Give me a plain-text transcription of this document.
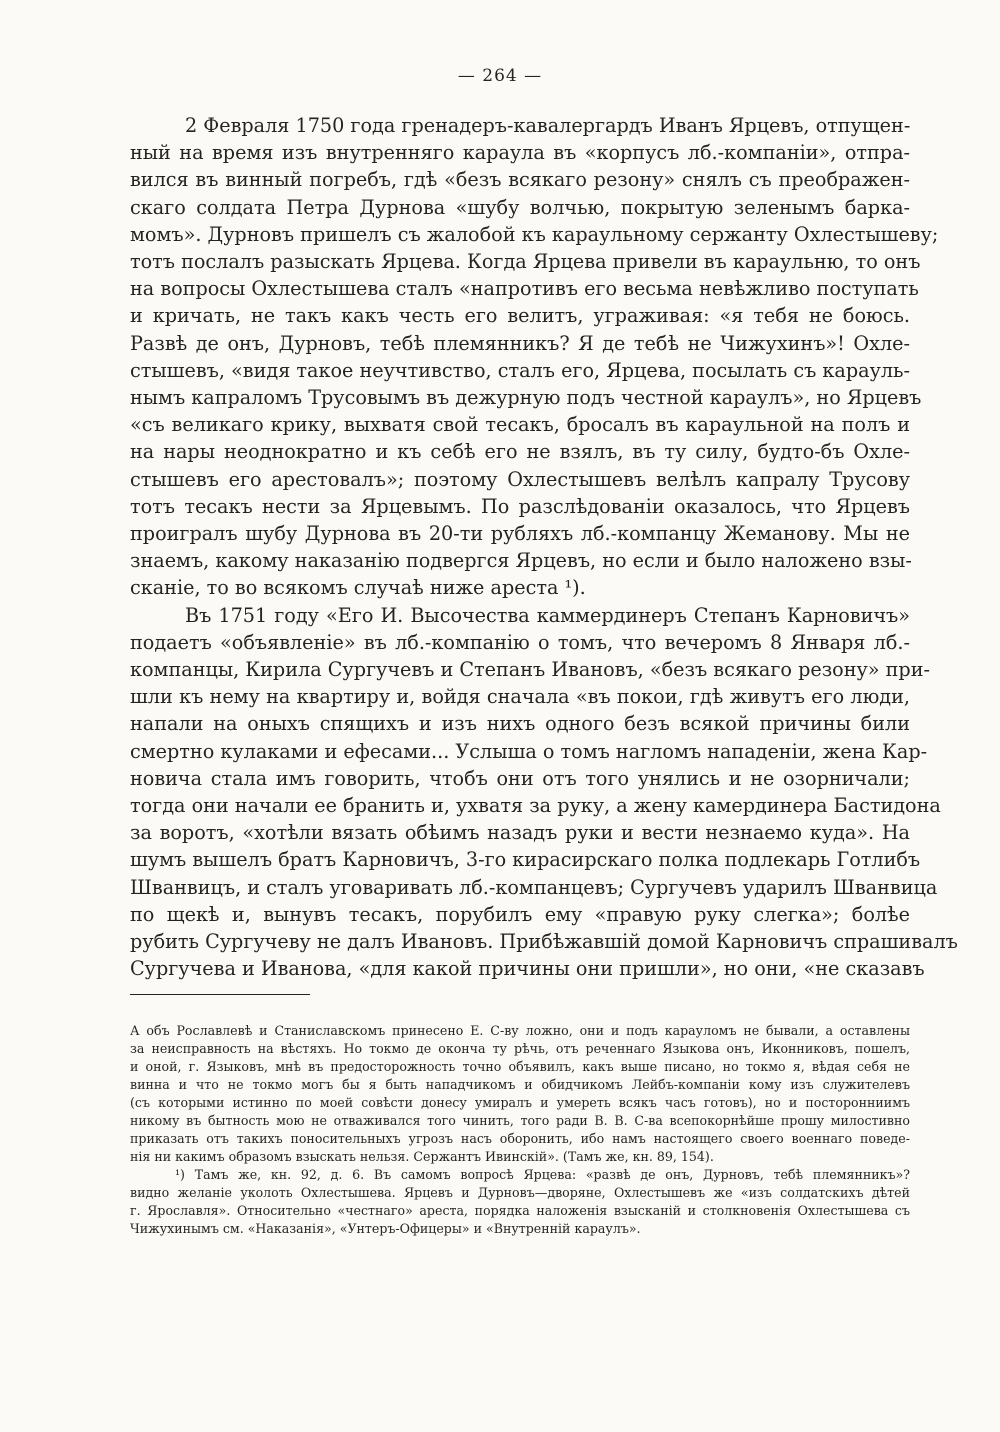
— 264 —
2 Февраля 1750 года гренадеръ-кавалергардъ Иванъ Ярцевъ, отпущен-
ный на время изъ внутренняго караула въ «корпусъ лб.-компаніи», отпра-
вился въ винный погребъ, гдѣ «безъ всякаго резону» снялъ съ преображен-
скаго солдата Петра Дурнова «шубу волчью, покрытую зеленымъ барка-
момъ». Дурновъ пришелъ съ жалобой къ караульному сержанту Охлестышеву;
тотъ послалъ разыскать Ярцева. Когда Ярцева привели въ караульню, то онъ
на вопросы Охлестышева сталъ «напротивъ его весьма невѣжливо поступать
и кричать, не такъ какъ честь его велитъ, угрaживая: «я тебя не боюсь.
Развѣ де онъ, Дурновъ, тебѣ племянникъ? Я де тебѣ не Чижухинъ»! Охле-
стышевъ, «видя такое неучтивство, сталъ его, Ярцева, посылать съ карауль-
нымъ капраломъ Трусовымъ въ дежурную подъ честной караулъ», но Ярцевъ
«съ великаго крику, выхватя свой тесакъ, бросалъ въ караульной на полъ и
на нары неоднократно и къ себѣ его не взялъ, въ ту силу, будто-бъ Охле-
стышевъ его арестовалъ»; поэтому Охлестышевъ велѣлъ капралу Трусову
тотъ тесакъ нести за Ярцевымъ. По разслѣдованіи оказалось, что Ярцевъ
проигралъ шубу Дурнова въ 20-ти рубляхъ лб.-компанцу Жеманову. Мы не
знаемъ, какому наказанію подвергся Ярцевъ, но если и было наложено взы-
сканіе, то во всякомъ случаѣ ниже ареста ¹).
Въ 1751 году «Его И. Высочества каммердинеръ Степанъ Карновичъ»
подаетъ «объявленіе» въ лб.-компанію о томъ, что вечеромъ 8 Января лб.-
компанцы, Кирила Сургучевъ и Степанъ Ивановъ, «безъ всякаго резону» при-
шли къ нему на квартиру и, войдя сначала «въ покои, гдѣ живутъ его люди,
напали на оныхъ спящихъ и изъ нихъ одного безъ всякой причины били
смертно кулаками и ефесами... Услыша о томъ нагломъ нападеніи, жена Кар-
новича стала имъ говорить, чтобъ они отъ того унялись и не озорничали;
тогда они начали ее бранить и, ухватя за руку, а жену камердинера Бастидона
за воротъ, «хотѣли вязать обѣимъ назадъ руки и вести незнаемо куда». На
шумъ вышелъ братъ Карновичъ, 3-го кирасирскаго полка подлекарь Готлибъ
Шванвицъ, и сталъ уговаривать лб.-компанцевъ; Сургучевъ ударилъ Шванвица
по щекѣ и, вынувъ тесакъ, порубилъ ему «правую руку слегка»; болѣе
рубить Сургучеву не далъ Ивановъ. Прибѣжавшій домой Карновичъ спрашивалъ
Сургучева и Иванова, «для какой причины они пришли», но они, «не сказавъ
А объ Рославлевѣ и Станиславскомъ принесено Е. С-ву ложно, они и подъ карауломъ не бывали, а оставлены
за неисправность на вѣстяхъ. Но токмо де оконча ту рѣчь, отъ реченнаго Языкова онъ, Иконниковъ, пошелъ,
и оной, г. Языковъ, мнѣ въ предосторожность точно объявилъ, какъ выше писано, но токмо я, вѣдая себя не
винна и что не токмо могъ бы я быть нападчикомъ и обидчикомъ Лейбъ-компаніи кому изъ служителевъ
(съ которыми истинно по моей совѣсти донесу умиралъ и умереть всякъ часъ готовъ), но и посторонниимъ
никому въ бытность мою не отваживался того чинить, того ради В. В. С-ва всепокорнѣйше прошу милостивно
приказать отъ такихъ поносительныхъ угрозъ насъ оборонить, ибо намъ настоящего своего военнаго поведе-
нія ни какимъ образомъ взыскать нельзя. Сержантъ Ивинскій». (Тамъ же, кн. 89, 154).
¹) Тамъ же, кн. 92, д. 6. Въ самомъ вопросѣ Ярцева: «развѣ де онъ, Дурновъ, тебѣ племянникъ»?
видно желаніе уколоть Охлестышева. Ярцевъ и Дурновъ—дворяне, Охлестышевъ же «изъ солдатскихъ дѣтей
г. Ярославля». Относительно «честнагo» ареста, порядка наложенія взысканій и столкновенія Охлестышева съ
Чижухинымъ см. «Наказанія», «Унтеръ-Офицеры» и «Внутренній караулъ».
